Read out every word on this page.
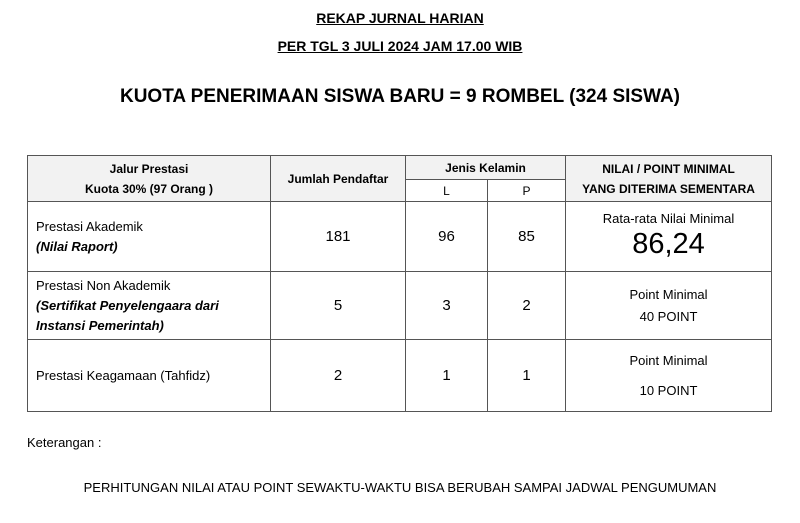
REKAP JURNAL HARIAN
PER TGL 3 JULI 2024 JAM 17.00 WIB
KUOTA PENERIMAAN SISWA BARU = 9 ROMBEL (324 SISWA)
Jalur Prestasi
Kuota 30% (97 Orang )	Jumlah Pendaftar	Jenis Kelamin		NILAI / POINT MINIMAL
YANG DITERIMA SEMENTARA

		L	P	

Prestasi Akademik
(Nilai Raport)	181	96	85	Rata-rata Nilai Minimal
86,24

Prestasi Non Akademik
(Sertifikat Penyelengaara dari Instansi Pemerintah)	5	3	2	Point Minimal
40 POINT

Prestasi Keagamaan (Tahfidz)	2	1	1	Point Minimal
10 POINT
Keterangan :
PERHITUNGAN NILAI ATAU POINT SEWAKTU-WAKTU BISA BERUBAH SAMPAI JADWAL PENGUMUMAN
